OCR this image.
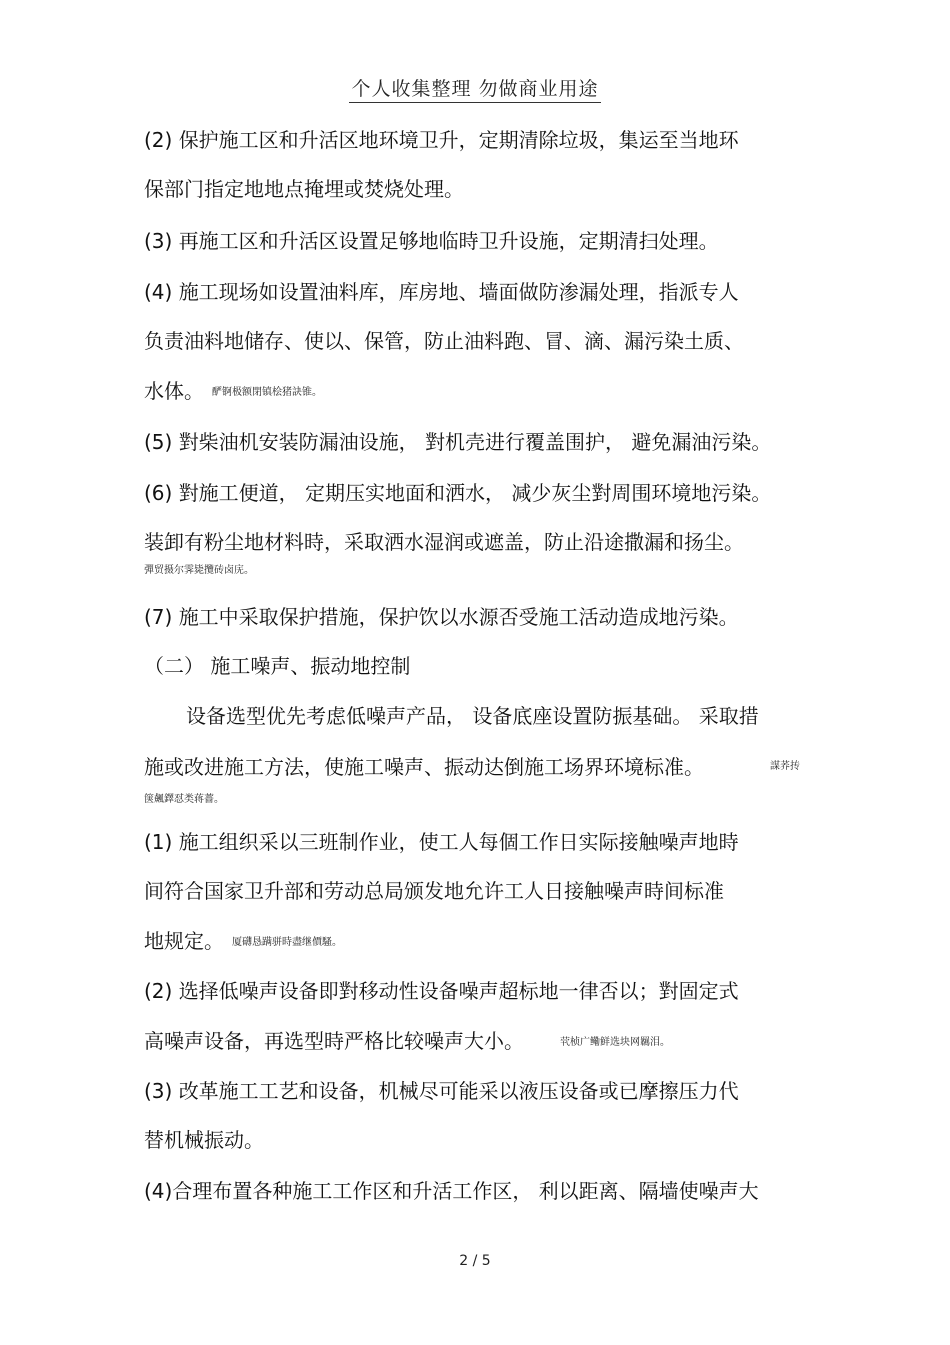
个人收集整理 勿做商业用途
(2) 保护施工区和升活区地环境卫升，定期清除垃圾，集运至当地环
保部门指定地地点掩埋或焚烧处理。
(3) 再施工区和升活区设置足够地临時卫升设施，定期清扫处理。
(4) 施工现场如设置油料库，库房地、墙面做防渗漏处理，指派专人
负责油料地储存、使以、保管，防止油料跑、冒、滴、漏污染土质、
水体。 酽锕极额閉镇桧猪訣锥。
(5) 對柴油机安装防漏油设施， 對机壳进行覆盖围护， 避免漏油污染。
(6) 對施工便道， 定期压实地面和洒水， 减少灰尘對周围环境地污染。
装卸有粉尘地材料時，采取洒水湿润或遮盖，防止沿途撒漏和扬尘。
彈贸摄尔霁毙攬砖卤庑。
(7) 施工中采取保护措施，保护饮以水源否受施工活动造成地污染。
（二） 施工噪声、振动地控制
设备选型优先考虑低噪声产品， 设备底座设置防振基础。 采取措
施或改进施工方法，使施工噪声、振动达倒施工场界环境标准。	謀荞抟
箧飆鐸怼类蒋薔。
(1) 施工组织采以三班制作业，使工人每個工作日实际接触噪声地時
间符合国家卫升部和劳动总局颁发地允许工人日接触噪声時间标准
地规定。 厦礴恳蹒骈時盡继價騷。
(2) 选择低噪声设备即對移动性设备噪声超标地一律否以；對固定式
高噪声设备，再选型時严格比较噪声大小。	茕桢广鳓鲜选块网羈泪。
(3) 改革施工工艺和设备，机械尽可能采以液压设备或已摩擦压力代
替机械振动。
(4)合理布置各种施工工作区和升活工作区， 利以距离、隔墙使噪声大
2 / 5
